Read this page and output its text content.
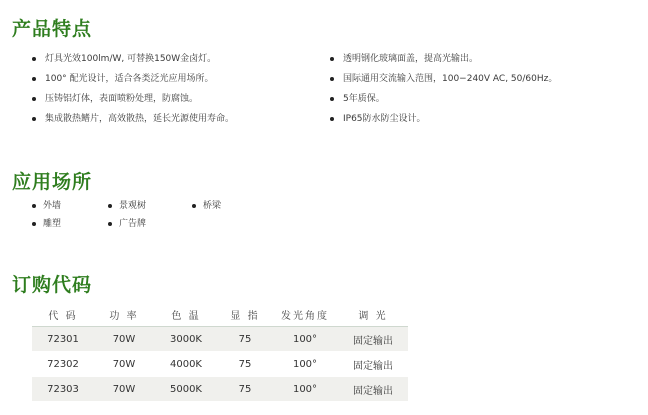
产品特点
灯具光效100lm/W, 可替换150W金卤灯。
100° 配光设计，适合各类泛光应用场所。
压铸铝灯体，表面喷粉处理，防腐蚀。
集成散热鳍片，高效散热，延长光源使用寿命。
透明钢化玻璃面盖，提高光输出。
国际通用交流输入范围，100−240V AC, 50/60Hz。
5年质保。
IP65防水防尘设计。
应用场所
外墙	景观树	桥梁
雕塑	广告牌
订购代码
代 码	功 率	色 温	显 指	发光角度	调 光
72301	70W	3000K	75	100°	固定输出
72302	70W	4000K	75	100°	固定输出
72303	70W	5000K	75	100°	固定输出
